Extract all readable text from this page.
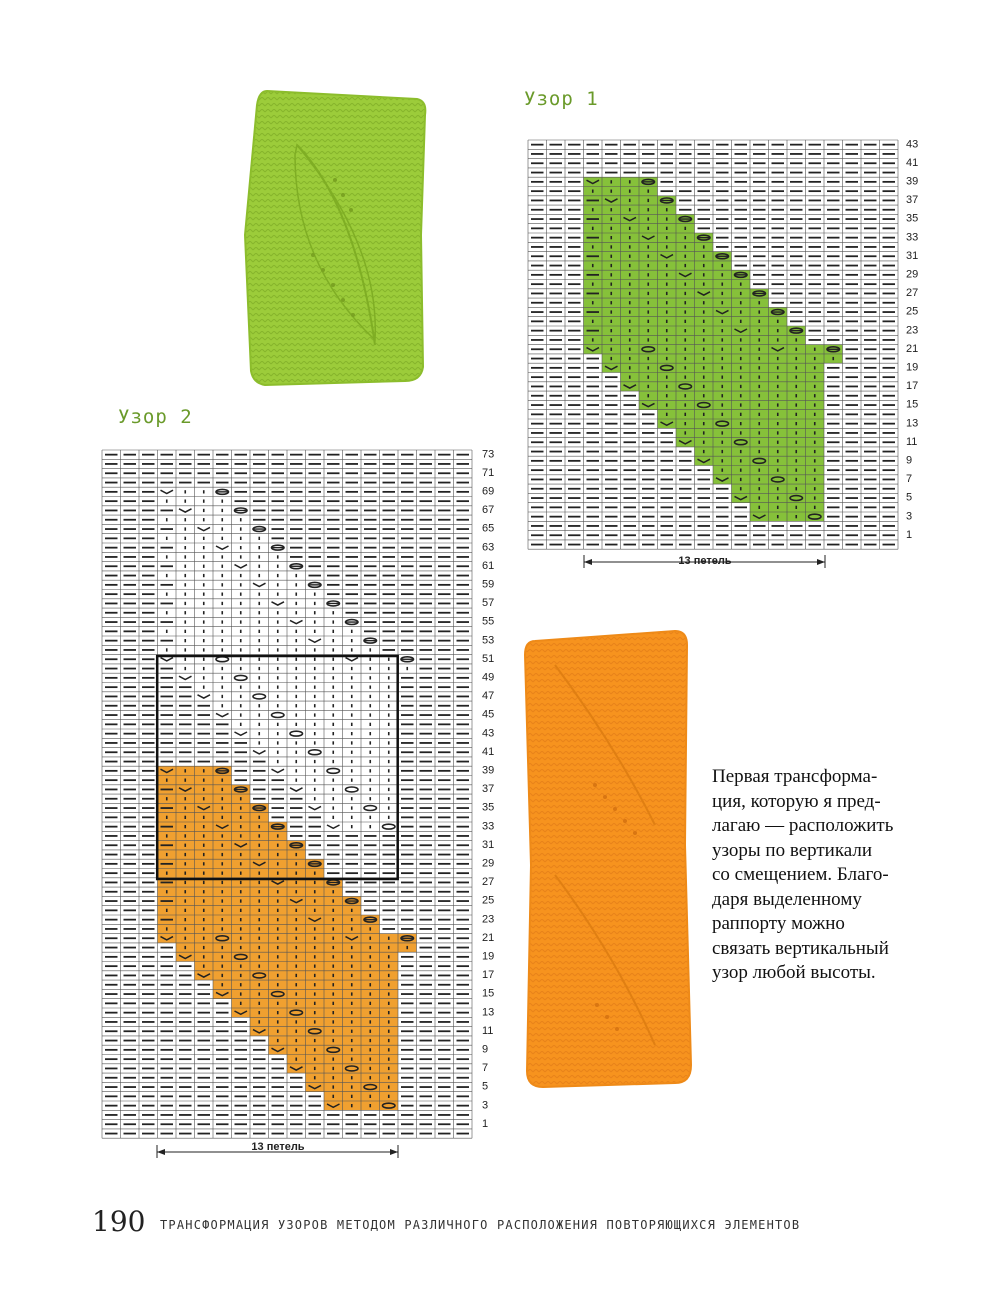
Узор 1
43
41
39
37
35
33
31
29
27
25
23
21
19
17
15
13
11
9
7
5
3
1
13 петель
Узор 2
73
71
69
67
65
63
61
59
57
55
53
51
49
47
45
43
41
39
37
35
33
31
29
27
25
23
21
19
17
15
13
11
9
7
5
3
1
13 петель
Первая трансформа-
ция, которую я пред-
лагаю — расположить
узоры по вертикали
со смещением. Благо-
даря выделенному
раппорту можно
связать вертикальный
узор любой высоты.
190 ТРАНСФОРМАЦИЯ УЗОРОВ МЕТОДОМ РАЗЛИЧНОГО РАСПОЛОЖЕНИЯ ПОВТОРЯЮЩИХСЯ ЭЛЕМЕНТОВ
